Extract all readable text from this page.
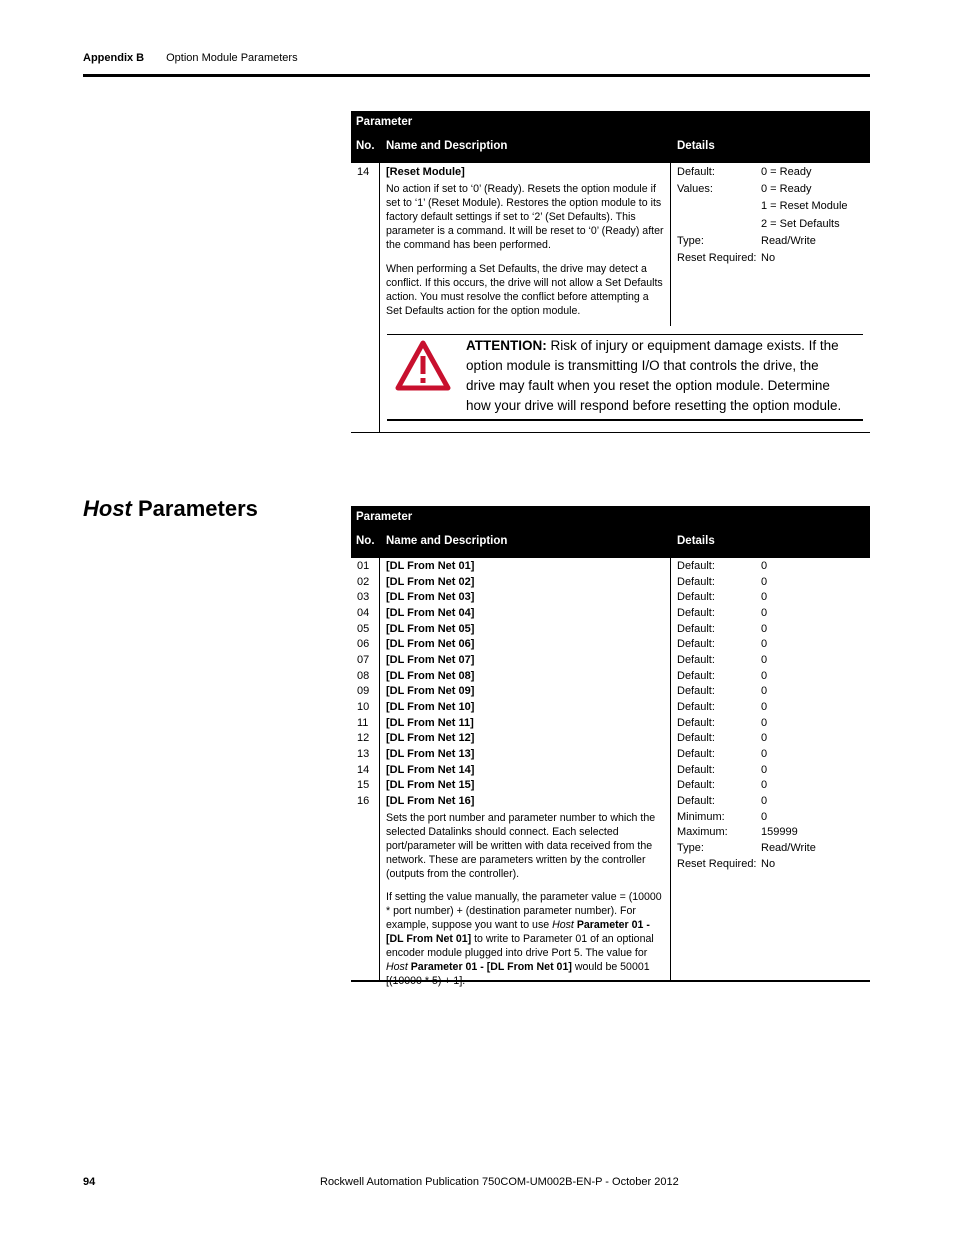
Appendix B Option Module Parameters
Parameter
No. Name and Description	Details
14 [Reset Module]
No action if set to ‘0’ (Ready). Resets the option module if set to ‘1’ (Reset Module). Restores the option module to its factory default settings if set to ‘2’ (Set Defaults). This parameter is a command. It will be reset to ‘0’ (Ready) after the command has been performed.
When performing a Set Defaults, the drive may detect a conflict. If this occurs, the drive will not allow a Set Defaults action. You must resolve the conflict before attempting a Set Defaults action for the option module.
Default:	0 = Ready
Values:	0 = Ready
1 = Reset Module
2 = Set Defaults
Type:	Read/Write
Reset Required: No
ATTENTION: Risk of injury or equipment damage exists. If the option module is transmitting I/O that controls the drive, the drive may fault when you reset the option module. Determine how your drive will respond before resetting the option module.
Host Parameters	Parameter
No. Name and Description	Details
01 [DL From Net 01]	Default:	0
02 [DL From Net 02]	Default:	0
03 [DL From Net 03]	Default:	0
04 [DL From Net 04]	Default:	0
05 [DL From Net 05]	Default:	0
06 [DL From Net 06]	Default:	0
07 [DL From Net 07]	Default:	0
08 [DL From Net 08]	Default:	0
09 [DL From Net 09]	Default:	0
10 [DL From Net 10]	Default:	0
11 [DL From Net 11]	Default:	0
12 [DL From Net 12]	Default:	0
13 [DL From Net 13]	Default:	0
14 [DL From Net 14]	Default:	0
15 [DL From Net 15]	Default:	0
16 [DL From Net 16]	Default:	0
Minimum:	0
Maximum:	159999
Type:	Read/Write
Reset Required: No
Sets the port number and parameter number to which the selected Datalinks should connect. Each selected port/parameter will be written with data received from the network. These are parameters written by the controller (outputs from the controller).
If setting the value manually, the parameter value = (10000 * port number) + (destination parameter number). For example, suppose you want to use Host Parameter 01 - [DL From Net 01] to write to Parameter 01 of an optional encoder module plugged into drive Port 5. The value for Host Parameter 01 - [DL From Net 01] would be 50001 [(10000 * 5) + 1].
94	Rockwell Automation Publication 750COM-UM002B-EN-P - October 2012
